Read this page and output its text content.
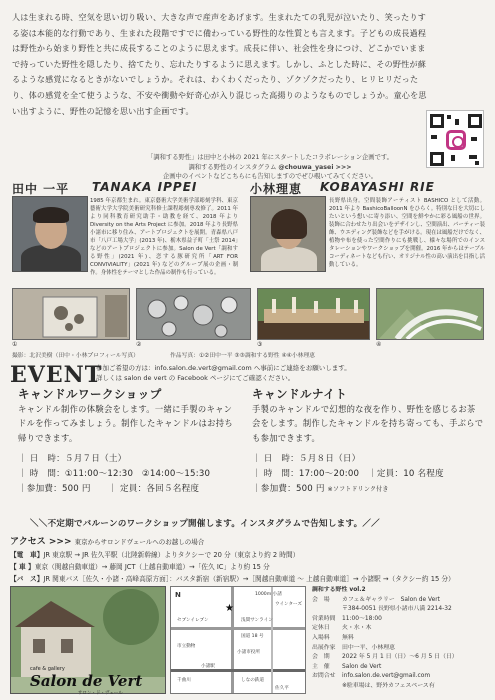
人は生まれる時、空気を思い切り吸い、大きな声で産声をあげます。生まれたての乳児が泣いたり、笑ったりする姿は本能的な行動であり、生まれた段階ですでに備わっている野性的な性質とも言えます。子どもの成長過程は野性から始まり野性と共に成長することのように思えます。成長に伴い、社会性を身につけ、どこかでいままで持っていた野性を隠したり、捨てたり、忘れたりするように思えます。しかし、ふとした時に、その野性が蘇るような感覚になるときがないでしょうか。それは、わくわくだったり、ゾクゾクだったり、ヒリヒリだったり、体の感覚を全て使うような、不安や衝動や好奇心が入り混じった高揚りのようなものでしょうか。童心を思い出すように、野性の記憶を思い出す企画です。

「調和する野性」は田中と小林の 2021 年にスタートしたコラボレーション企画です。
調和する野性のインスタグラム @chouwa_yasei >>>
企画中のイベントなどこちらにも告知しますのでぜひ覗いてみてください。
田中 一平 TANAKA IPPEI
1985 年京都生まれ。東京藝術大学美術学部彫刻学科、東京藝術大学大学院美術研究科修士課程彫刻専攻修了。2011 年より同科教育研究助手・助教を経て、2018 年より Diversity on the Arts Project に参加。2018 年より長野県小諸市に移り住み、アートプロジェクトを展開。青森県八戸市「八戸工場大学」(2013 年)、栃木県益子町「土祭 2014」などのアートプロジェクトに参加。Salon de Vert「調和する野性」(2021 年)、恋する豚研究所「ART FOR CONVIVIALITY」(2021 年) などのグループ展の企画・制作。身体性をテーマとした作品の制作も行っている。
小林理恵 KOBAYASHI RIE
長野県出身。空間装飾アーティスト BASHICO として活動。2011 年より BashicoBalloonN をひらく。特別な日を大切にしたいという想いに寄り添い、空間を鮮やかに彩る風船の世界。装飾に合わせたり出会いをデザインし、空間演出、パーティー装飾、ウエディング装飾などを手がける。現在は風船だけでなく、植物や布を使った空間作りにも挑戦し、様々な場所でのインスタレーションやワークショップを開催。2016 年からはテーブルコーディネートなども行い、オリジナル性の高い演出を目指し活動している。
①	②	③	④
撮影：北沢美樹（田中・小林プロフィール写真）	作品写真：①②田中一平 ③③調和する野性 ④④小林理恵
EVENT
参加ご希望の方は：info.salon.de.vert@gmail.com へ事前にご連絡をお願いします。
詳しくは salon de vert の Facebook ページにてご確認ください。
キャンドルワークショップ
キャンドル制作の体験会をします。一緒に手製のキャンドルを作ってみましょう。制作したキャンドルはお持ち帰りできます。
｜ 日　時：５月７日（土）
｜ 時　間：①11:00～12:30　②14:00～15:30
｜参加費：500 円　　｜ 定員：各回５名程度
キャンドルナイト
手製のキャンドルで幻想的な夜を作り、野性を感じるお茶会をします。制作したキャンドルを持ち寄っても、手ぶらでも参加できます。
｜ 日　時：５月８日（日）
｜ 時　間：17:00～20:00　｜定員：10 名程度
｜参加費：500 円 ※ソフトドリンク付き
＼＼不定期でバルーンのワークショップ開催します。インスタグラムで告知します。／／
アクセス >>> 東京からサロンドヴェールへのお越しの場合
【電　車】JR 東京駅 → JR 佐久平駅（北陸新幹線）よりタクシーで 20 分（東京より約 2 時間）
【 車 】東京（関越自動車道）→ 藤岡 JCT（上越自動車道）→「佐久 IC」より約 15 分
【バ　ス】JR 関東バス［佐久・小諸・高峰高原方面］：バスタ新宿（新宿駅）→［関越自動車道 ～ 上越自動車道］→ 小諸駅 →（タクシー約 15 分）
cafe & gallery
Salon de Vert
サロン・ド・ヴェール
N	1000m 小諸
ウインターズ
浅間サンライン
セブンイレブン
国道 18 号
市立動物
小諸市役所
小諸駅
千曲川	しなの鉄道
佐久平
★
調和する野性 vol.2
会　場	カフェ＆ギャラリー　Salon de Vert
〒384-0051 長野県小諸市八満 2214-32
営業時間	11:00～18:00
定休日	火・水・木
入場料	無料
出展作家	田中一平、小林理恵
会　期	2022 年 5 月 1 日（日）～6 月 5 日（日）
主　催	Salon de Vert
お問合せ	info.salon.de.vert@gmail.com
※駐車場は、野外カフェスペース有
